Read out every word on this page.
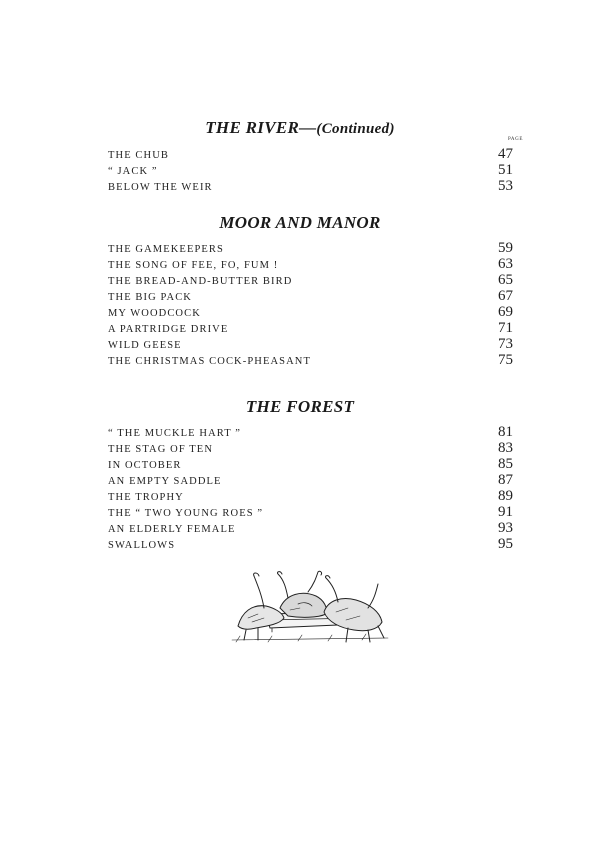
THE RIVER—(Continued)
PAGE
THE CHUB	47
“ JACK ”	51
BELOW THE WEIR	53
MOOR AND MANOR
THE GAMEKEEPERS	59
THE SONG OF FEE, FO, FUM !	63
THE BREAD-AND-BUTTER BIRD	65
THE BIG PACK	67
MY WOODCOCK	69
A PARTRIDGE DRIVE	71
WILD GEESE	73
THE CHRISTMAS COCK-PHEASANT	75
THE FOREST
“ THE MUCKLE HART ”	81
THE STAG OF TEN	83
IN OCTOBER	85
AN EMPTY SADDLE	87
THE TROPHY	89
THE “ TWO YOUNG ROES ”	91
AN ELDERLY FEMALE	93
SWALLOWS	95
